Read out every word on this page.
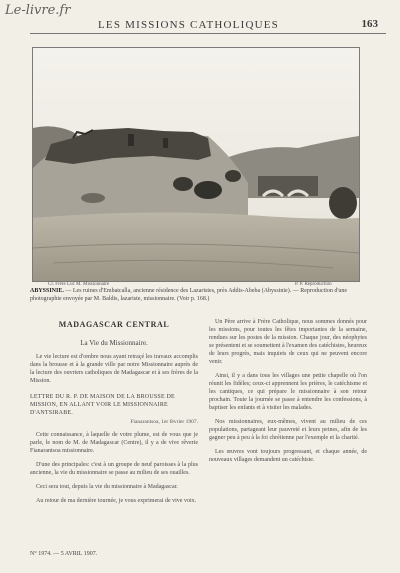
Le-livre.fr
LES MISSIONS CATHOLIQUES	163
Cl. Frère Luc M. Missionnaire	P. P. Reproduction
ABYSSINIE. — Les ruines d'Embatcalla, ancienne résidence des Lazaristes, près Addis-Abeba (Abyssinie). — Reproduction d'une photographie envoyée par M. Baldis, lazariste, missionnaire. (Voir p. 168.)
MADAGASCAR CENTRAL
La Vie du Missionnaire.

Le vie lecture est d'ombre nous ayant retraçé les travaux accomplis dans la brousse et à la grande ville par notre Missionnaire auprès de la lecture des ouvriers catholiques de Madagascar et à ses frères de la Mission.

LETTRE DU R. P. DE MAISON DE LA BROUSSE DE MISSION, EN ALLANT VOIR LE MISSIONNAIRE D'ANTSIRABE.
Fianarantsoa, 1er février 1907.

Cette connaissance, à laquelle de votre plume, est de vous que je parle, le nom de M. de Madagascar (Centre), il y a de vive rêverie Fianarantsoa missionnaire.

D'une des principales: c'est à un groupe de neuf paroisses à la plus ancienne, la vie du missionnaire se passe au milieu de ses ouailles.

Ceci sera tout, depuis la vie du missionnaire à Madagascar.

Au retour de ma dernière tournée, je vous exprimerai de vive voix.

Un Père arrive à Frère Catholique, nous sommes donnés pour les missions, pour toutes les fêtes importantes de la semaine, rendues sur les postes de la mission. Chaque jour, des néophytes se présentent et se soumettent à l'examen des catéchistes, heureux de leurs progrès, mais inquiets de ceux qui ne peuvent encore venir.

Ainsi, il y a dans tous les villages une petite chapelle où l'on réunit les fidèles; ceux-ci apprennent les prières, le catéchisme et les cantiques, ce qui prépare le missionnaire à son retour prochain. Toute la journée se passe à entendre les confessions, à baptiser les enfants et à visiter les malades.

Nos missionnaires, eux-mêmes, vivent au milieu de ces populations, partageant leur pauvreté et leurs peines, afin de les gagner peu à peu à la foi chrétienne par l'exemple et la charité.

Les œuvres vont toujours progressant, et chaque année, de nouveaux villages demandent un catéchiste.

N° 1974. — 5 AVRIL 1907.
